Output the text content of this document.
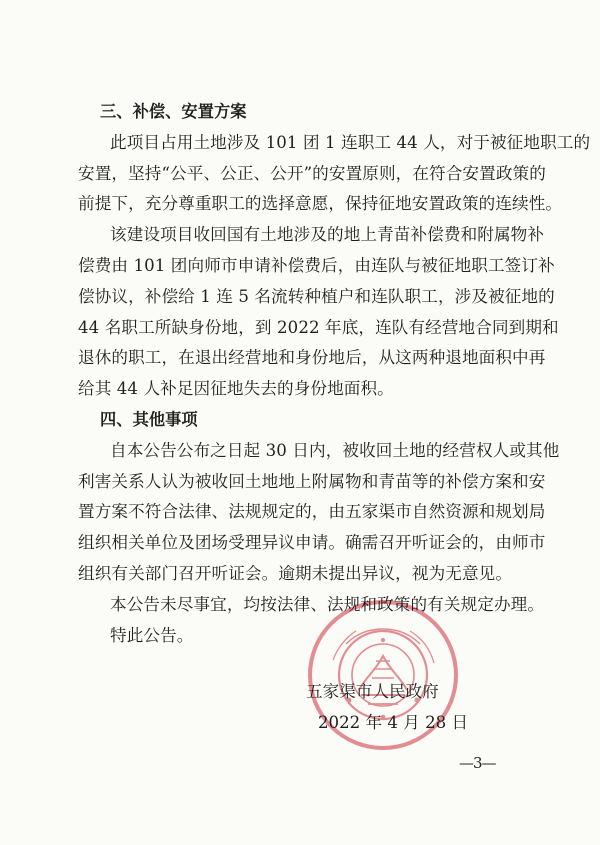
三、补偿、安置方案

此项目占用土地涉及 101 团 1 连职工 44 人，对于被征地职工的
安置，坚持“公平、公正、公开”的安置原则，在符合安置政策的
前提下，充分尊重职工的选择意愿，保持征地安置政策的连续性。

该建设项目收回国有土地涉及的地上青苗补偿费和附属物补
偿费由 101 团向师市申请补偿费后，由连队与被征地职工签订补
偿协议，补偿给 1 连 5 名流转种植户和连队职工，涉及被征地的
44 名职工所缺身份地，到 2022 年底，连队有经营地合同到期和
退休的职工，在退出经营地和身份地后，从这两种退地面积中再
给其 44 人补足因征地失去的身份地面积。

四、其他事项

自本公告公布之日起 30 日内，被收回土地的经营权人或其他
利害关系人认为被收回土地地上附属物和青苗等的补偿方案和安
置方案不符合法律、法规规定的，由五家渠市自然资源和规划局
组织相关单位及团场受理异议申请。确需召开听证会的，由师市
组织有关部门召开听证会。逾期未提出异议，视为无意见。

本公告未尽事宜，均按法律、法规和政策的有关规定办理。

特此公告。

五家渠市人民政府
2022 年 4 月 28 日
—3—
